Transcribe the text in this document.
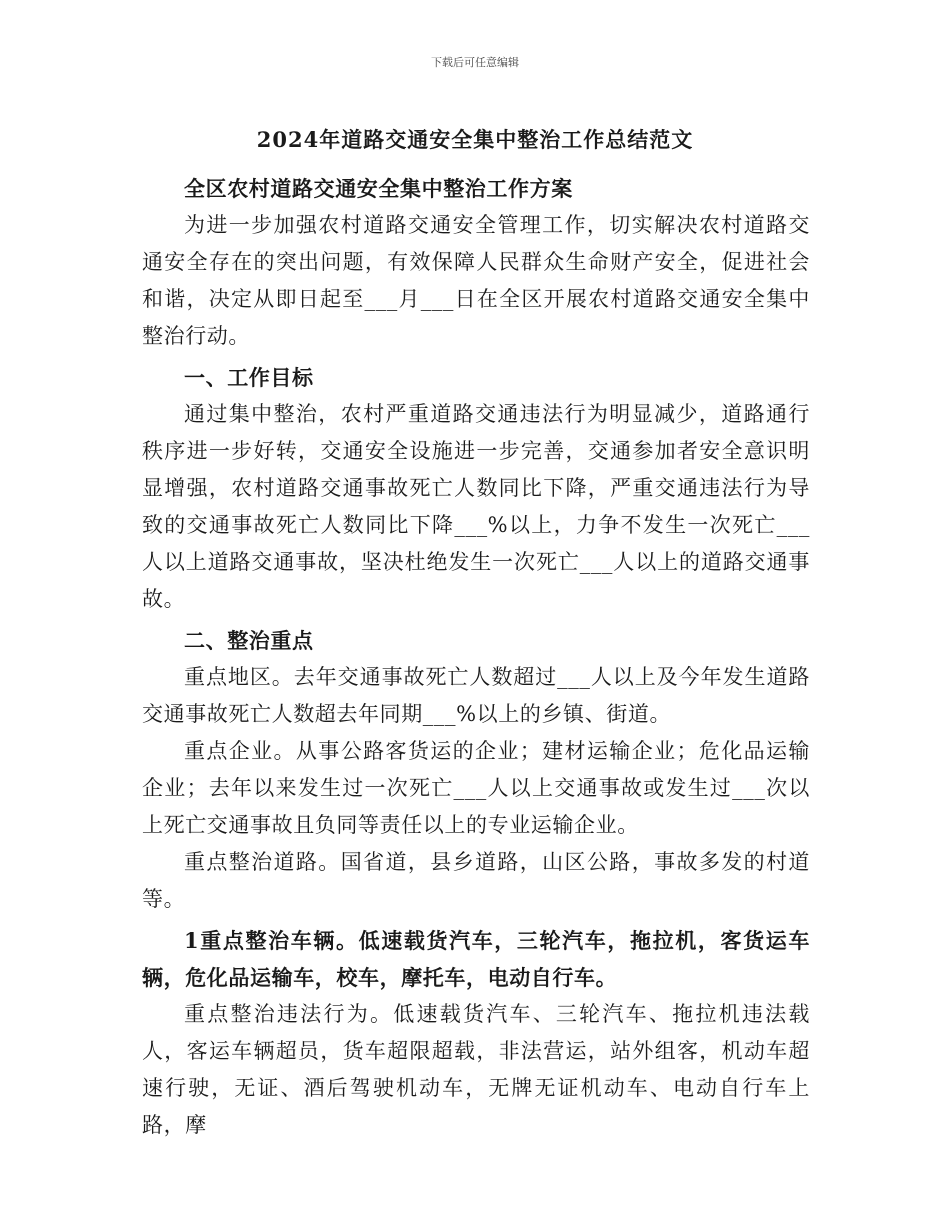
下载后可任意编辑
2024年道路交通安全集中整治工作总结范文

全区农村道路交通安全集中整治工作方案

为进一步加强农村道路交通安全管理工作，切实解决农村道路交通安全存在的突出问题，有效保障人民群众生命财产安全，促进社会和谐，决定从即日起至___月___日在全区开展农村道路交通安全集中整治行动。

一、工作目标

通过集中整治，农村严重道路交通违法行为明显减少，道路通行秩序进一步好转，交通安全设施进一步完善，交通参加者安全意识明显增强，农村道路交通事故死亡人数同比下降，严重交通违法行为导致的交通事故死亡人数同比下降___%以上，力争不发生一次死亡___人以上道路交通事故，坚决杜绝发生一次死亡___人以上的道路交通事故。

二、整治重点

重点地区。去年交通事故死亡人数超过___人以上及今年发生道路交通事故死亡人数超去年同期___%以上的乡镇、街道。

重点企业。从事公路客货运的企业；建材运输企业；危化品运输企业；去年以来发生过一次死亡___人以上交通事故或发生过___次以上死亡交通事故且负同等责任以上的专业运输企业。

重点整治道路。国省道，县乡道路，山区公路，事故多发的村道等。

1重点整治车辆。低速载货汽车，三轮汽车，拖拉机，客货运车辆，危化品运输车，校车，摩托车，电动自行车。

重点整治违法行为。低速载货汽车、三轮汽车、拖拉机违法载人，客运车辆超员，货车超限超载，非法营运，站外组客，机动车超速行驶，无证、酒后驾驶机动车，无牌无证机动车、电动自行车上路，摩
